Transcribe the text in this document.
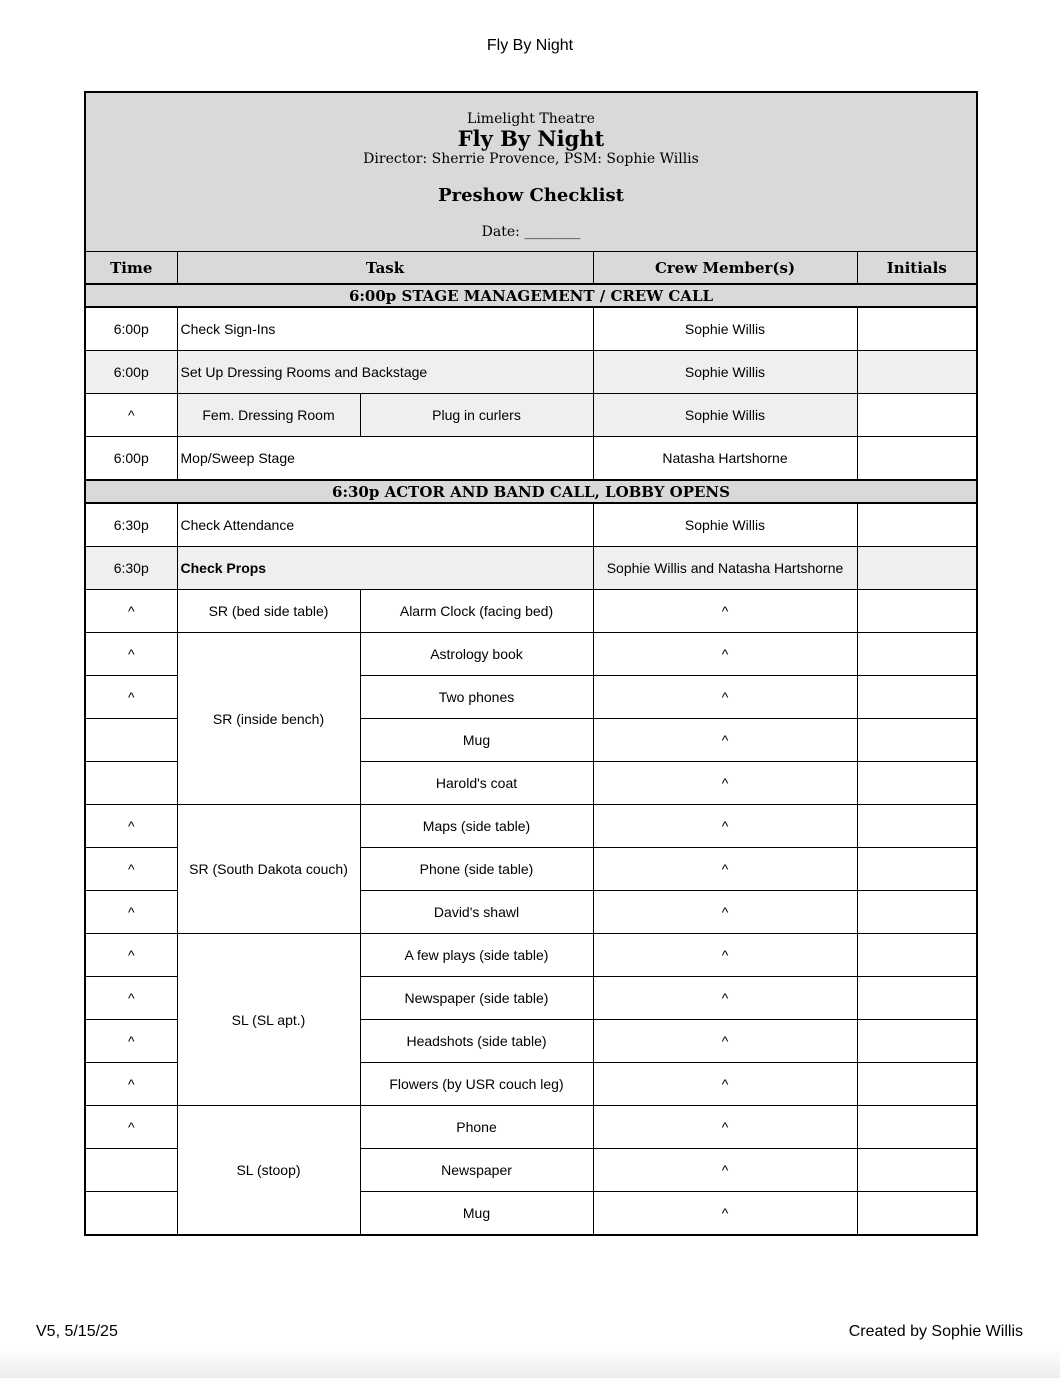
Fly By Night
Limelight Theatre
Fly By Night
Director: Sherrie Provence, PSM: Sophie Willis
Preshow Checklist
Date: ________				

Time	Task		Crew Member(s)	Initials
6:00p STAGE MANAGEMENT / CREW CALL				
6:00p	Check Sign-Ins		Sophie Willis	
6:00p	Set Up Dressing Rooms and Backstage		Sophie Willis	
^	Fem. Dressing Room	Plug in curlers	Sophie Willis	
6:00p	Mop/Sweep Stage		Natasha Hartshorne	
6:30p ACTOR AND BAND CALL, LOBBY OPENS				
6:30p	Check Attendance		Sophie Willis	
6:30p	Check Props		Sophie Willis and Natasha Hartshorne	
^	SR (bed side table)	Alarm Clock (facing bed)	^	
^	SR (inside bench)	Astrology book	^	
^		Two phones	^	
		Mug	^	
		Harold's coat	^	
^	SR (South Dakota couch)	Maps (side table)	^	
^		Phone (side table)	^	
^		David's shawl	^	
^	SL (SL apt.)	A few plays (side table)	^	
^		Newspaper (side table)	^	
^		Headshots (side table)	^	
^		Flowers (by USR couch leg)	^	
^	SL (stoop)	Phone	^	
		Newspaper	^	
		Mug	^	
V5, 5/15/25	Created by Sophie Willis
